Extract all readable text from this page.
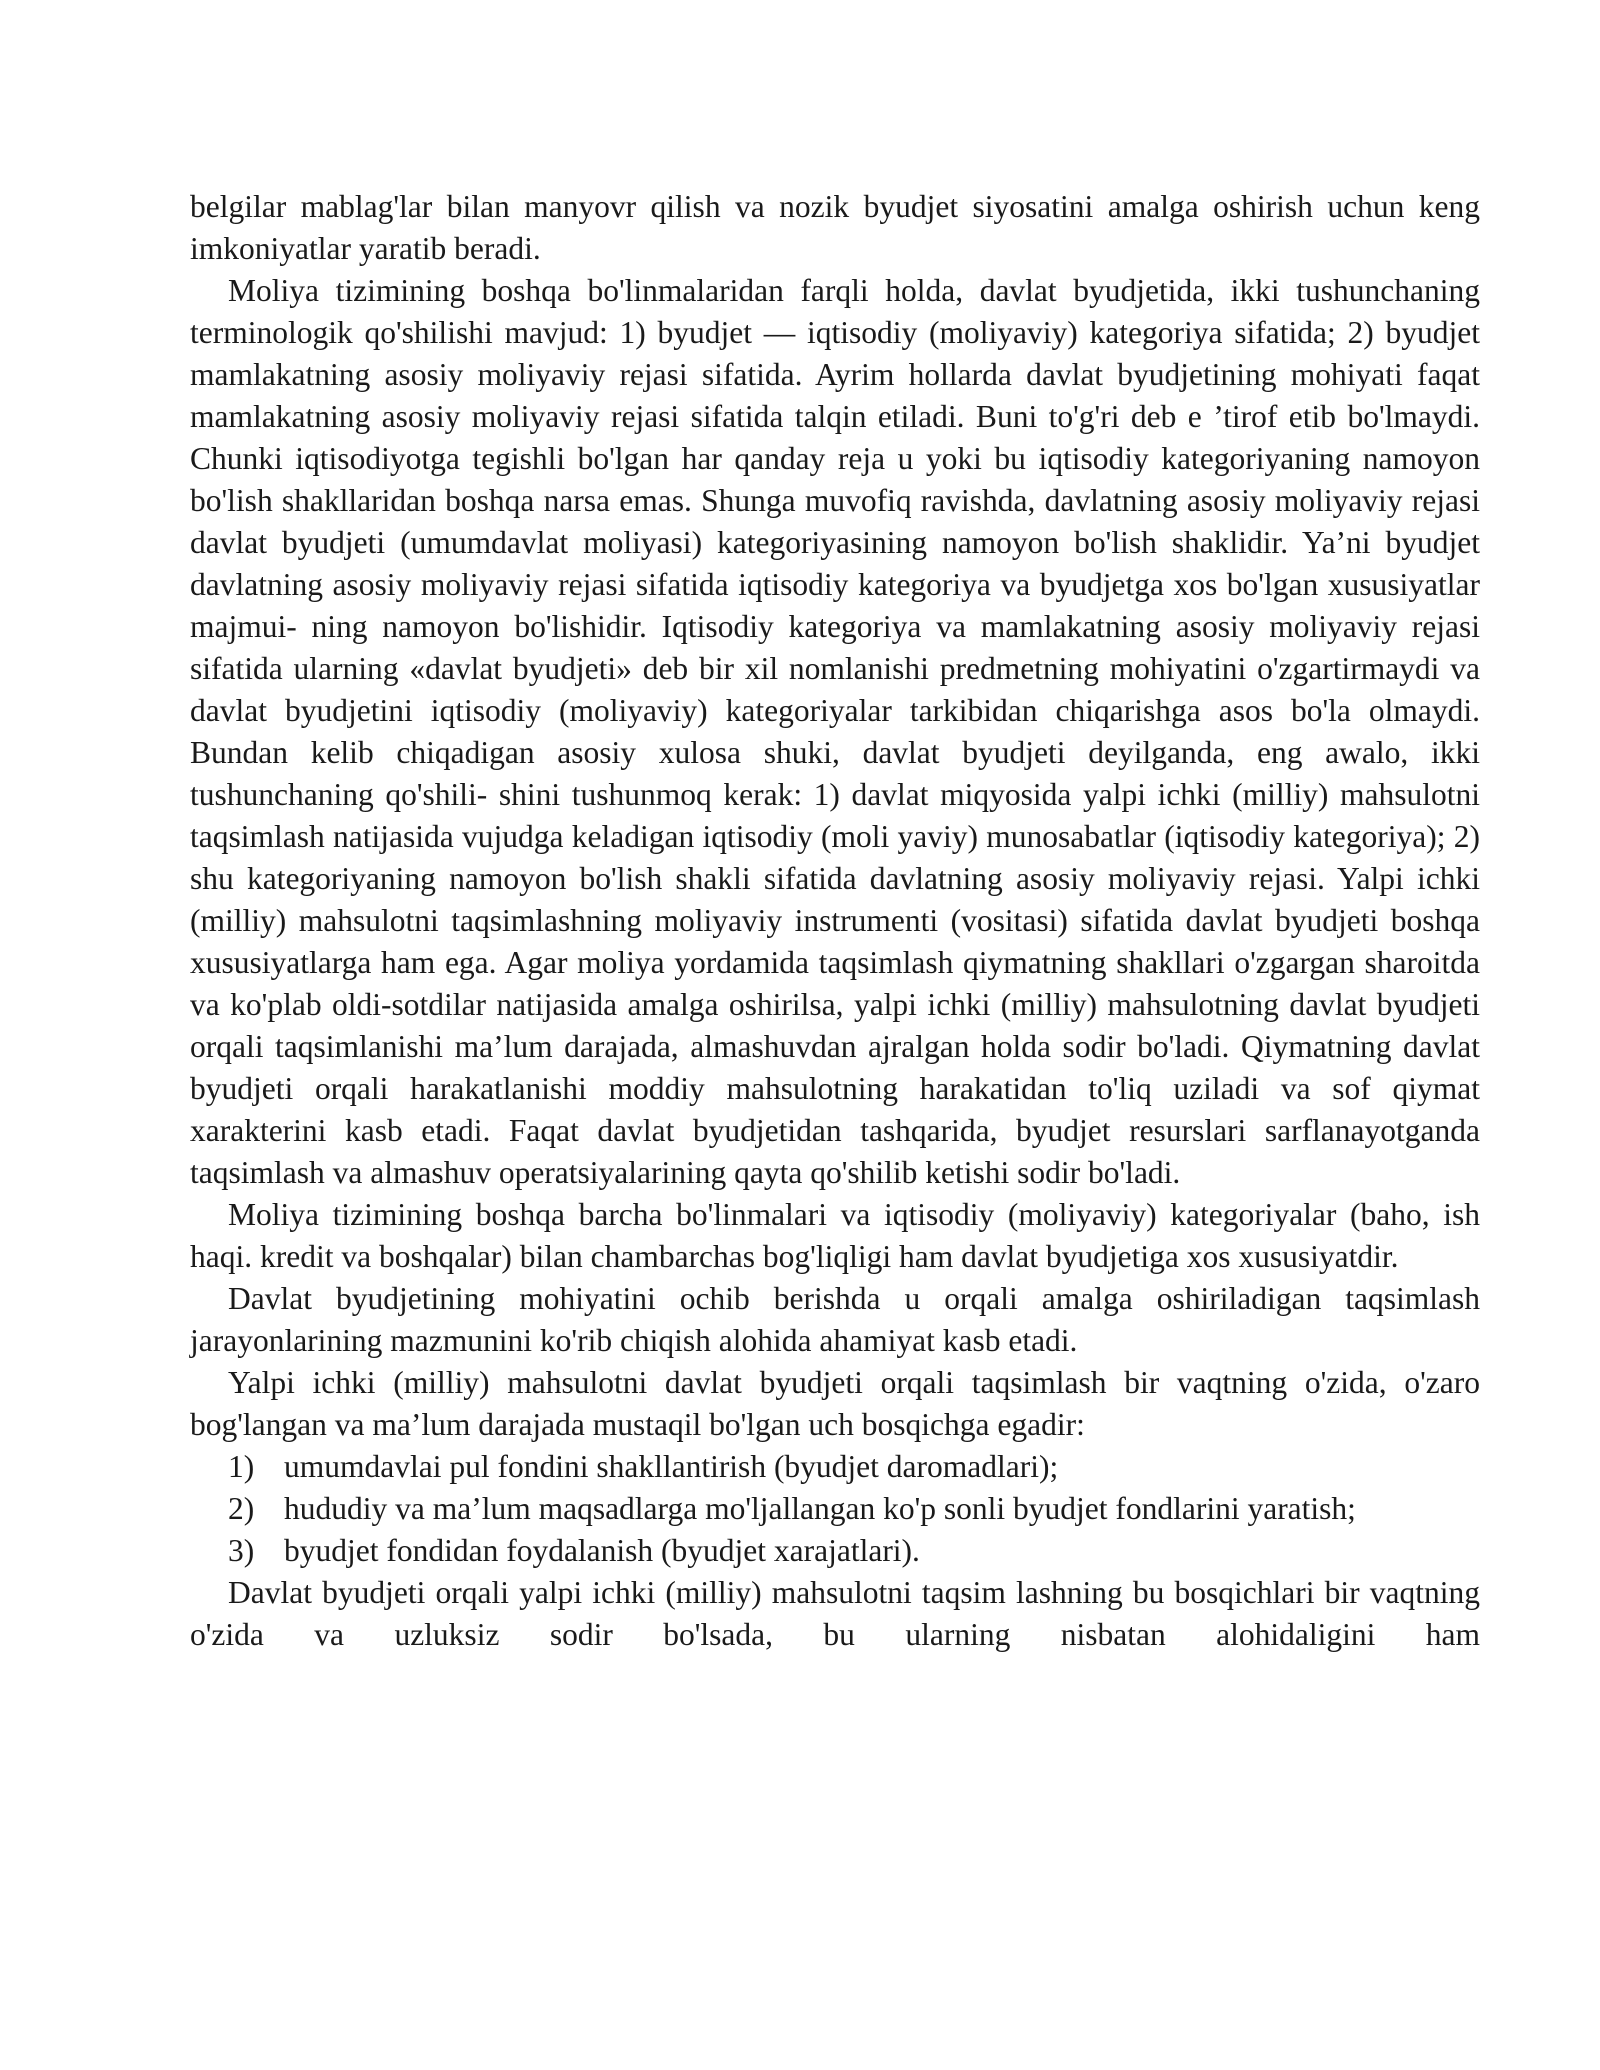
belgilar mablag'lar bilan manyovr qilish va nozik byudjet siyosatini amalga oshirish uchun keng imkoniyatlar yaratib beradi.

Moliya tizimining boshqa bo'linmalaridan farqli holda, davlat byudjetida, ikki tushunchaning terminologik qo'shilishi mavjud: 1) byudjet — iqtisodiy (moliyaviy) kategoriya sifatida; 2) byudjet mamlakatning asosiy moliyaviy rejasi sifatida. Ayrim hollarda davlat byudjetining mohiyati faqat mamlakatning asosiy moliyaviy rejasi sifatida talqin etiladi. Buni to'g'ri deb e ’tirof etib bo'lmaydi. Chunki iqtisodiyotga tegishli bo'lgan har qanday reja u yoki bu iqtisodiy kategoriyaning namoyon bo'lish shakllaridan boshqa narsa emas. Shunga muvofiq ravishda, davlatning asosiy moliyaviy rejasi davlat byudjeti (umumdavlat moliyasi) kategoriyasining namoyon bo'lish shaklidir. Ya’ni byudjet davlatning asosiy moliyaviy rejasi sifatida iqtisodiy kategoriya va byudjetga xos bo'lgan xususiyatlar majmui- ning namoyon bo'lishidir. Iqtisodiy kategoriya va mamlakatning asosiy moliyaviy rejasi sifatida ularning «davlat byudjeti» deb bir xil nomlanishi predmetning mohiyatini o'zgartirmaydi va davlat byudjetini iqtisodiy (moliyaviy) kategoriyalar tarkibidan chiqarishga asos bo'la olmaydi. Bundan kelib chiqadigan asosiy xulosa shuki, davlat byudjeti deyilganda, eng awalo, ikki tushunchaning qo'shili- shini tushunmoq kerak: 1) davlat miqyosida yalpi ichki (milliy) mahsulotni taqsimlash natijasida vujudga keladigan iqtisodiy (moli yaviy) munosabatlar (iqtisodiy kategoriya); 2) shu kategoriyaning namoyon bo'lish shakli sifatida davlatning asosiy moliyaviy rejasi. Yalpi ichki (milliy) mahsulotni taqsimlashning moliyaviy instrumenti (vositasi) sifatida davlat byudjeti boshqa xususiyatlarga ham ega. Agar moliya yordamida taqsimlash qiymatning shakllari o'zgargan sharoitda va ko'plab oldi-sotdilar natijasida amalga oshirilsa, yalpi ichki (milliy) mahsulotning davlat byudjeti orqali taqsimlanishi ma’lum darajada, almashuvdan ajralgan holda sodir bo'ladi. Qiymatning davlat byudjeti orqali harakatlanishi moddiy mahsulotning harakatidan to'liq uziladi va sof qiymat xarakterini kasb etadi. Faqat davlat byudjetidan tashqarida, byudjet resurslari sarflanayotganda taqsimlash va almashuv operatsiyalarining qayta qo'shilib ketishi sodir bo'ladi.

Moliya tizimining boshqa barcha bo'linmalari va iqtisodiy (moliyaviy) kategoriyalar (baho, ish haqi. kredit va boshqalar) bilan chambarchas bog'liqligi ham davlat byudjetiga xos xususiyatdir.

Davlat byudjetining mohiyatini ochib berishda u orqali amalga oshiriladigan taqsimlash jarayonlarining mazmunini ko'rib chiqish alohida ahamiyat kasb etadi.

Yalpi ichki (milliy) mahsulotni davlat byudjeti orqali taqsimlash bir vaqtning o'zida, o'zaro bog'langan va ma’lum darajada mustaqil bo'lgan uch bosqichga egadir:

1) umumdavlai pul fondini shakllantirish (byudjet daromadlari);

2) hududiy va ma’lum maqsadlarga mo'ljallangan ko'p sonli byudjet fondlarini yaratish;

3) byudjet fondidan foydalanish (byudjet xarajatlari).

Davlat byudjeti orqali yalpi ichki (milliy) mahsulotni taqsim lashning bu bosqichlari bir vaqtning o'zida va uzluksiz sodir bo'lsada, bu ularning nisbatan alohidaligini ham
